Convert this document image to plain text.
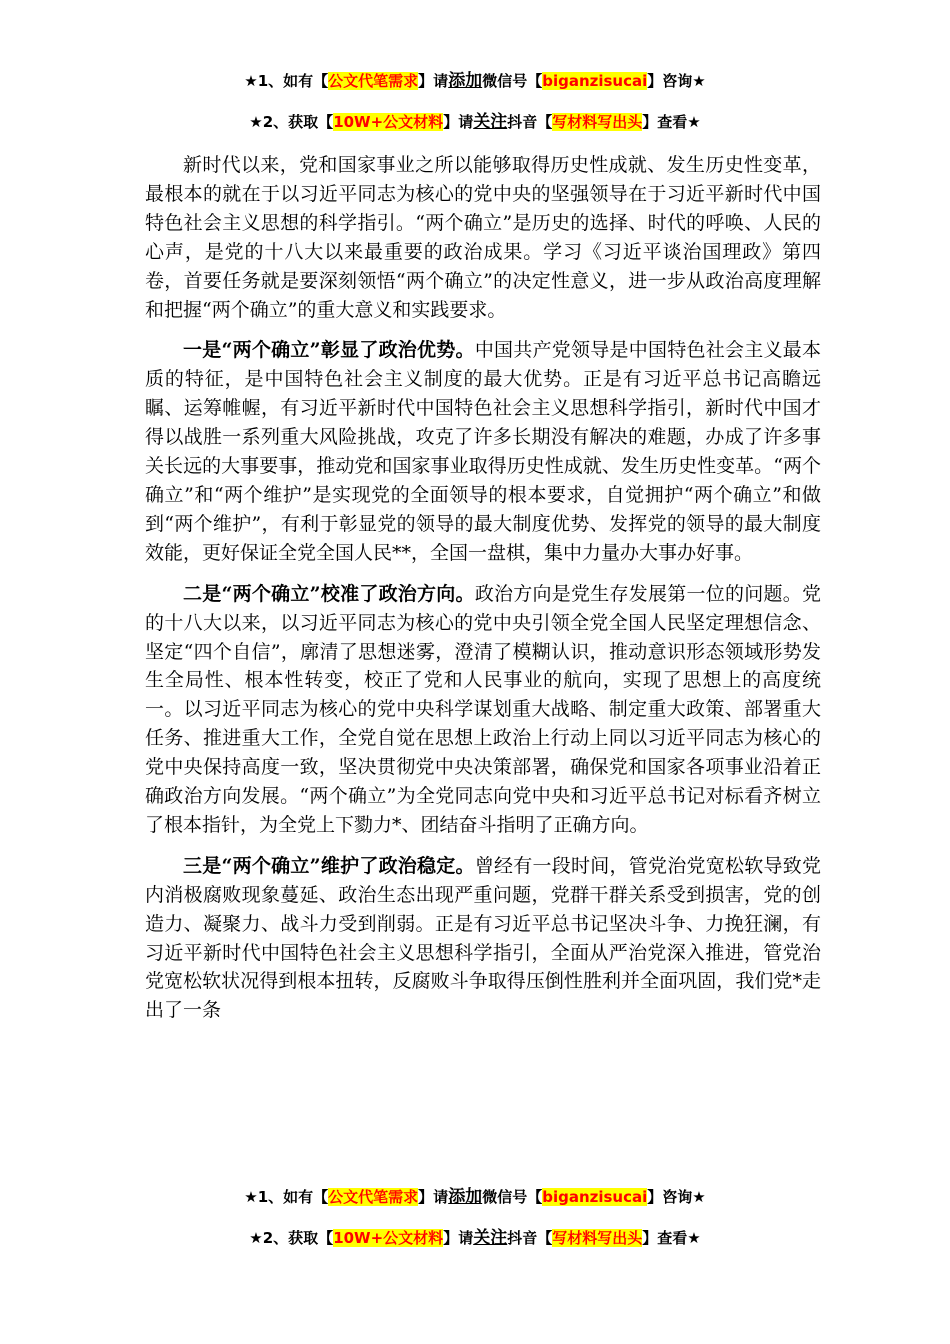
★1、如有【公文代笔需求】请添加微信号【biganzisucai】咨询★
★2、获取【10W+公文材料】请关注抖音【写材料写出头】查看★

新时代以来，党和国家事业之所以能够取得历史性成就、发生历史性变革，最根本的就在于以习近平同志为核心的党中央的坚强领导在于习近平新时代中国特色社会主义思想的科学指引。“两个确立”是历史的选择、时代的呼唤、人民的心声，是党的十八大以来最重要的政治成果。学习《习近平谈治国理政》第四卷，首要任务就是要深刻领悟“两个确立”的决定性意义，进一步从政治高度理解和把握“两个确立”的重大意义和实践要求。

一是“两个确立”彰显了政治优势。中国共产党领导是中国特色社会主义最本质的特征，是中国特色社会主义制度的最大优势。正是有习近平总书记高瞻远瞩、运筹帷幄，有习近平新时代中国特色社会主义思想科学指引，新时代中国才得以战胜一系列重大风险挑战，攻克了许多长期没有解决的难题，办成了许多事关长远的大事要事，推动党和国家事业取得历史性成就、发生历史性变革。“两个确立”和“两个维护”是实现党的全面领导的根本要求，自觉拥护“两个确立”和做到“两个维护”，有利于彰显党的领导的最大制度优势、发挥党的领导的最大制度效能，更好保证全党全国人民**，全国一盘棋，集中力量办大事办好事。

二是“两个确立”校准了政治方向。政治方向是党生存发展第一位的问题。党的十八大以来，以习近平同志为核心的党中央引领全党全国人民坚定理想信念、坚定“四个自信”，廓清了思想迷雾，澄清了模糊认识，推动意识形态领域形势发生全局性、根本性转变，校正了党和人民事业的航向，实现了思想上的高度统一。以习近平同志为核心的党中央科学谋划重大战略、制定重大政策、部署重大任务、推进重大工作，全党自觉在思想上政治上行动上同以习近平同志为核心的党中央保持高度一致，坚决贯彻党中央决策部署，确保党和国家各项事业沿着正确政治方向发展。“两个确立”为全党同志向党中央和习近平总书记对标看齐树立了根本指针，为全党上下勠力*、团结奋斗指明了正确方向。

三是“两个确立”维护了政治稳定。曾经有一段时间，管党治党宽松软导致党内消极腐败现象蔓延、政治生态出现严重问题，党群干群关系受到损害，党的创造力、凝聚力、战斗力受到削弱。正是有习近平总书记坚决斗争、力挽狂澜，有习近平新时代中国特色社会主义思想科学指引，全面从严治党深入推进，管党治党宽松软状况得到根本扭转，反腐败斗争取得压倒性胜利并全面巩固，我们党*走出了一条

★1、如有【公文代笔需求】请添加微信号【biganzisucai】咨询★
★2、获取【10W+公文材料】请关注抖音【写材料写出头】查看★
